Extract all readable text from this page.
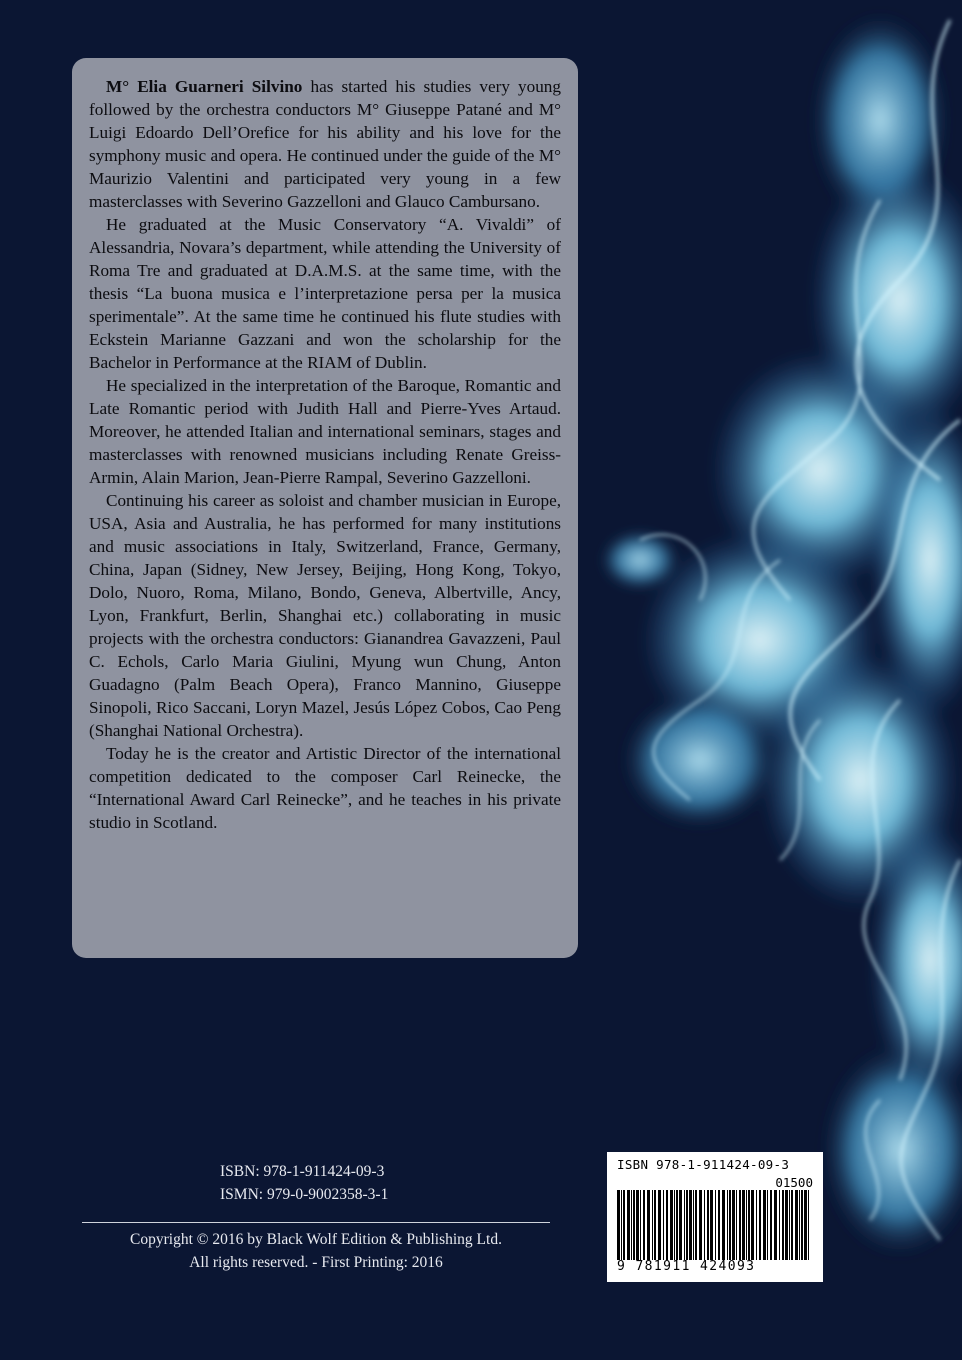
M° Elia Guarneri Silvino has started his studies very young followed by the orchestra conductors M° Giuseppe Patané and M° Luigi Edoardo Dell’Orefice for his ability and his love for the symphony music and opera. He continued under the guide of the M° Maurizio Valentini and participated very young in a few masterclasses with Severino Gazzelloni and Glauco Cambursano.

He graduated at the Music Conservatory “A. Vivaldi” of Alessandria, Novara’s department, while attending the University of Roma Tre and graduated at D.A.M.S. at the same time, with the thesis “La buona musica e l’interpretazione persa per la musica sperimentale”. At the same time he continued his flute studies with Eckstein Marianne Gazzani and won the scholarship for the Bachelor in Performance at the RIAM of Dublin.

He specialized in the interpretation of the Baroque, Romantic and Late Romantic period with Judith Hall and Pierre-Yves Artaud. Moreover, he attended Italian and international seminars, stages and masterclasses with renowned musicians including Renate Greiss-Armin, Alain Marion, Jean-Pierre Rampal, Severino Gazzelloni.

Continuing his career as soloist and chamber musician in Europe, USA, Asia and Australia, he has performed for many institutions and music associations in Italy, Switzerland, France, Germany, China, Japan (Sidney, New Jersey, Beijing, Hong Kong, Tokyo, Dolo, Nuoro, Roma, Milano, Bondo, Geneva, Albertville, Ancy, Lyon, Frankfurt, Berlin, Shanghai etc.) collaborating in music projects with the orchestra conductors: Gianandrea Gavazzeni, Paul C. Echols, Carlo Maria Giulini, Myung wun Chung, Anton Guadagno (Palm Beach Opera), Franco Mannino, Giuseppe Sinopoli, Rico Saccani, Loryn Mazel, Jesús López Cobos, Cao Peng (Shanghai National Orchestra).

Today he is the creator and Artistic Director of the international competition dedicated to the composer Carl Reinecke, the “International Award Carl Reinecke”, and he teaches in his private studio in Scotland.

ISBN: 978-1-911424-09-3
ISMN: 979-0-9002358-3-1
Copyright © 2016 by Black Wolf Edition & Publishing Ltd.
All rights reserved. - First Printing: 2016
ISBN 978-1-911424-09-3
01500
9 781911 424093
